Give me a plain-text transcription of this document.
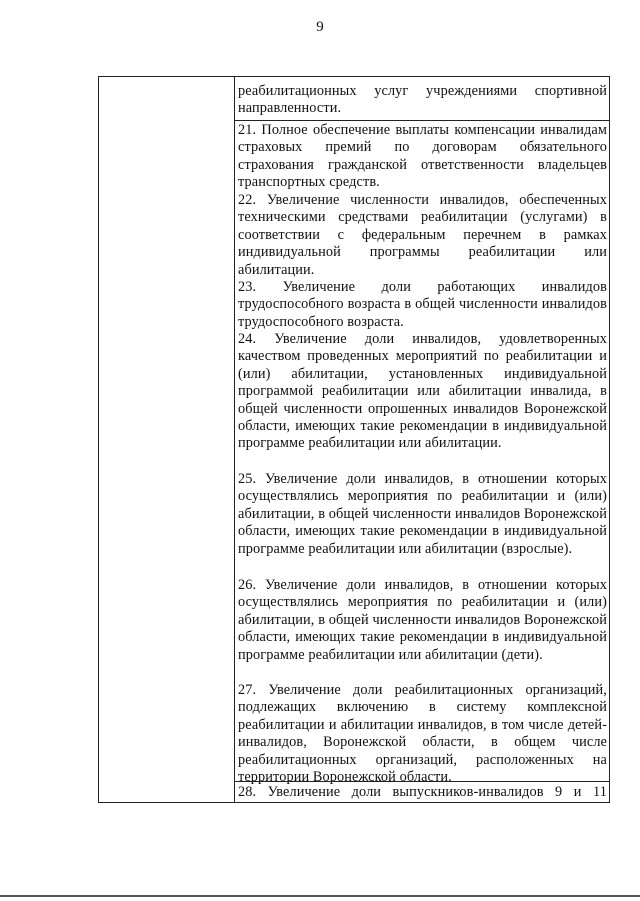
9
реабилитационных услуг учреждениями спортивной направленности.
21. Полное обеспечение выплаты компенсации инвалидам страховых премий по договорам обязательного страхования гражданской ответственности владельцев транспортных средств.
22. Увеличение численности инвалидов, обеспеченных техническими средствами реабилитации (услугами) в соответствии с федеральным перечнем в рамках индивидуальной программы реабилитации или абилитации.
23. Увеличение доли работающих инвалидов трудоспособного возраста в общей численности инвалидов трудоспособного возраста.
24. Увеличение доли инвалидов, удовлетворенных качеством проведенных мероприятий по реабилитации и (или) абилитации, установленных индивидуальной программой реабилитации или абилитации инвалида, в общей численности опрошенных инвалидов Воронежской области, имеющих такие рекомендации в индивидуальной программе реабилитации или абилитации.
25. Увеличение доли инвалидов, в отношении которых осуществлялись мероприятия по реабилитации и (или) абилитации, в общей численности инвалидов Воронежской области, имеющих такие рекомендации в индивидуальной программе реабилитации или абилитации (взрослые).
26. Увеличение доли инвалидов, в отношении которых осуществлялись мероприятия по реабилитации и (или) абилитации, в общей численности инвалидов Воронежской области, имеющих такие рекомендации в индивидуальной программе реабилитации или абилитации (дети).
27. Увеличение доли реабилитационных организаций, подлежащих включению в систему комплексной реабилитации и абилитации инвалидов, в том числе детей-инвалидов, Воронежской области, в общем числе реабилитационных организаций, расположенных на территории Воронежской области.
28. Увеличение доли выпускников-инвалидов 9 и 11
